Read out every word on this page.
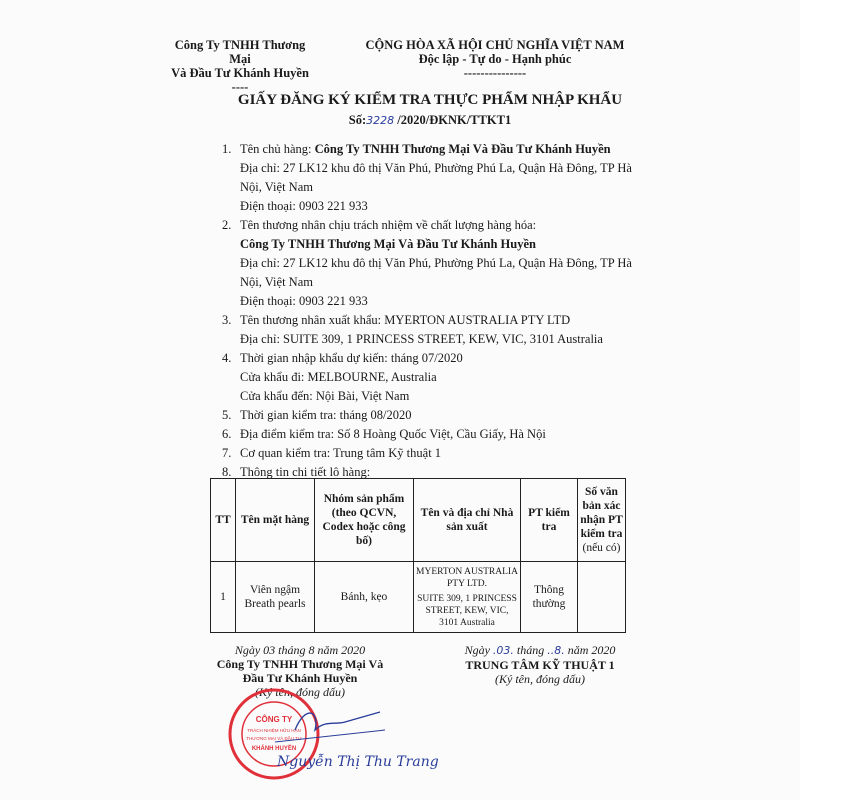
Công Ty TNHH Thương Mại
Và Đầu Tư Khánh Huyền
----
CỘNG HÒA XÃ HỘI CHỦ NGHĨA VIỆT NAM
Độc lập - Tự do - Hạnh phúc
---------------
GIẤY ĐĂNG KÝ KIỂM TRA THỰC PHẨM NHẬP KHẨU
Số:3228 /2020/ĐKNK/TTKT1
1. Tên chủ hàng: Công Ty TNHH Thương Mại Và Đầu Tư Khánh Huyền
Địa chỉ: 27 LK12 khu đô thị Văn Phú, Phường Phú La, Quận Hà Đông, TP Hà Nội, Việt Nam
Điện thoại: 0903 221 933
2. Tên thương nhân chịu trách nhiệm về chất lượng hàng hóa:
Công Ty TNHH Thương Mại Và Đầu Tư Khánh Huyền
Địa chỉ: 27 LK12 khu đô thị Văn Phú, Phường Phú La, Quận Hà Đông, TP Hà Nội, Việt Nam
Điện thoại: 0903 221 933
3. Tên thương nhân xuất khẩu: MYERTON AUSTRALIA PTY LTD
Địa chỉ: SUITE 309, 1 PRINCESS STREET, KEW, VIC, 3101 Australia
4. Thời gian nhập khẩu dự kiến: tháng 07/2020
Cửa khẩu đi: MELBOURNE, Australia
Cửa khẩu đến: Nội Bài, Việt Nam
5. Thời gian kiểm tra: tháng 08/2020
6. Địa điểm kiểm tra: Số 8 Hoàng Quốc Việt, Cầu Giấy, Hà Nội
7. Cơ quan kiểm tra: Trung tâm Kỹ thuật 1
8. Thông tin chi tiết lô hàng:
TT	Tên mặt hàng	Nhóm sản phẩm (theo QCVN, Codex hoặc công bố)	Tên và địa chỉ Nhà sản xuất	PT kiểm tra	Số văn bản xác nhận PT kiểm tra
(nếu có)
1	Viên ngậm Breath pearls	Bánh, kẹo	MYERTON AUSTRALIA PTY LTD.
SUITE 309, 1 PRINCESS STREET, KEW, VIC, 3101 Australia	Thông thường	
Ngày 03 tháng 8 năm 2020
Công Ty TNHH Thương Mại Và Đầu Tư Khánh Huyền
(Ký tên, đóng dấu)
Ngày .03. tháng ..8. năm 2020
TRUNG TÂM KỸ THUẬT 1
(Ký tên, đóng dấu)
CÔNG TY
TRÁCH NHIỆM HỮU HẠN
THƯƠNG MẠI VÀ ĐẦU TƯ
KHÁNH HUYỀN
Nguyễn Thị Thu Trang
